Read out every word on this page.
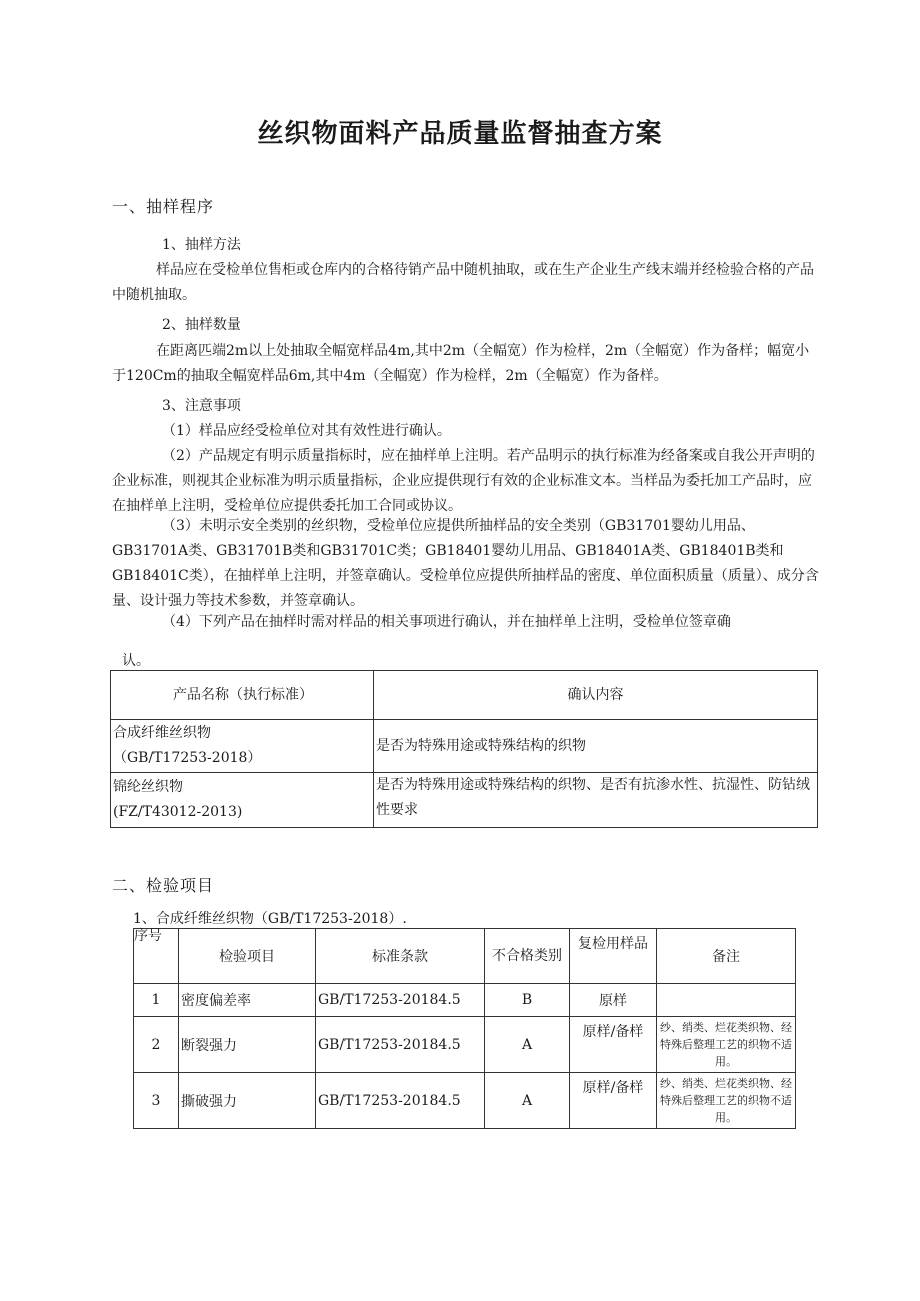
丝织物面料产品质量监督抽查方案
一、抽样程序
1、抽样方法
样品应在受检单位售柜或仓库内的合格待销产品中随机抽取，或在生产企业生产线末端并经检验合格的产品中随机抽取。
2、抽样数量
在距离匹端2m以上处抽取全幅宽样品4m,其中2m（全幅宽）作为检样，2m（全幅宽）作为备样；幅宽小于120Cm的抽取全幅宽样品6m,其中4m（全幅宽）作为检样，2m（全幅宽）作为备样。
3、注意事项
（1）样品应经受检单位对其有效性进行确认。
（2）产品规定有明示质量指标时，应在抽样单上注明。若产品明示的执行标准为经备案或自我公开声明的企业标准，则视其企业标准为明示质量指标，企业应提供现行有效的企业标准文本。当样品为委托加工产品时，应在抽样单上注明，受检单位应提供委托加工合同或协议。
（3）未明示安全类别的丝织物，受检单位应提供所抽样品的安全类别（GB31701婴幼儿用品、GB31701A类、GB31701B类和GB31701C类；GB18401婴幼儿用品、GB18401A类、GB18401B类和GB18401C类），在抽样单上注明，并签章确认。受检单位应提供所抽样品的密度、单位面积质量（质量）、成分含量、设计强力等技术参数，并签章确认。
（4）下列产品在抽样时需对样品的相关事项进行确认，并在抽样单上注明，受检单位签章确
认。
产品名称（执行标准）	确认内容

合成纤维丝织物
（GB/T17253-2018）	是否为特殊用途或特殊结构的织物

锦纶丝织物
(FZ/T43012-2013)	是否为特殊用途或特殊结构的织物、是否有抗渗水性、抗湿性、防钻绒性要求
二、检验项目
1、合成纤维丝织物（GB/T17253-2018）.
序号	检验项目	标准条款	不合格类别	复检用样品	备注
1	密度偏差率	GB/T17253-20184.5	B	原样	
2	断裂强力	GB/T17253-20184.5	A	原样/备样	纱、绡类、烂花类织物、经特殊后整理工艺的织物不适用。
3	撕破强力	GB/T17253-20184.5	A	原样/备样	纱、绡类、烂花类织物、经特殊后整理工艺的织物不适用。
